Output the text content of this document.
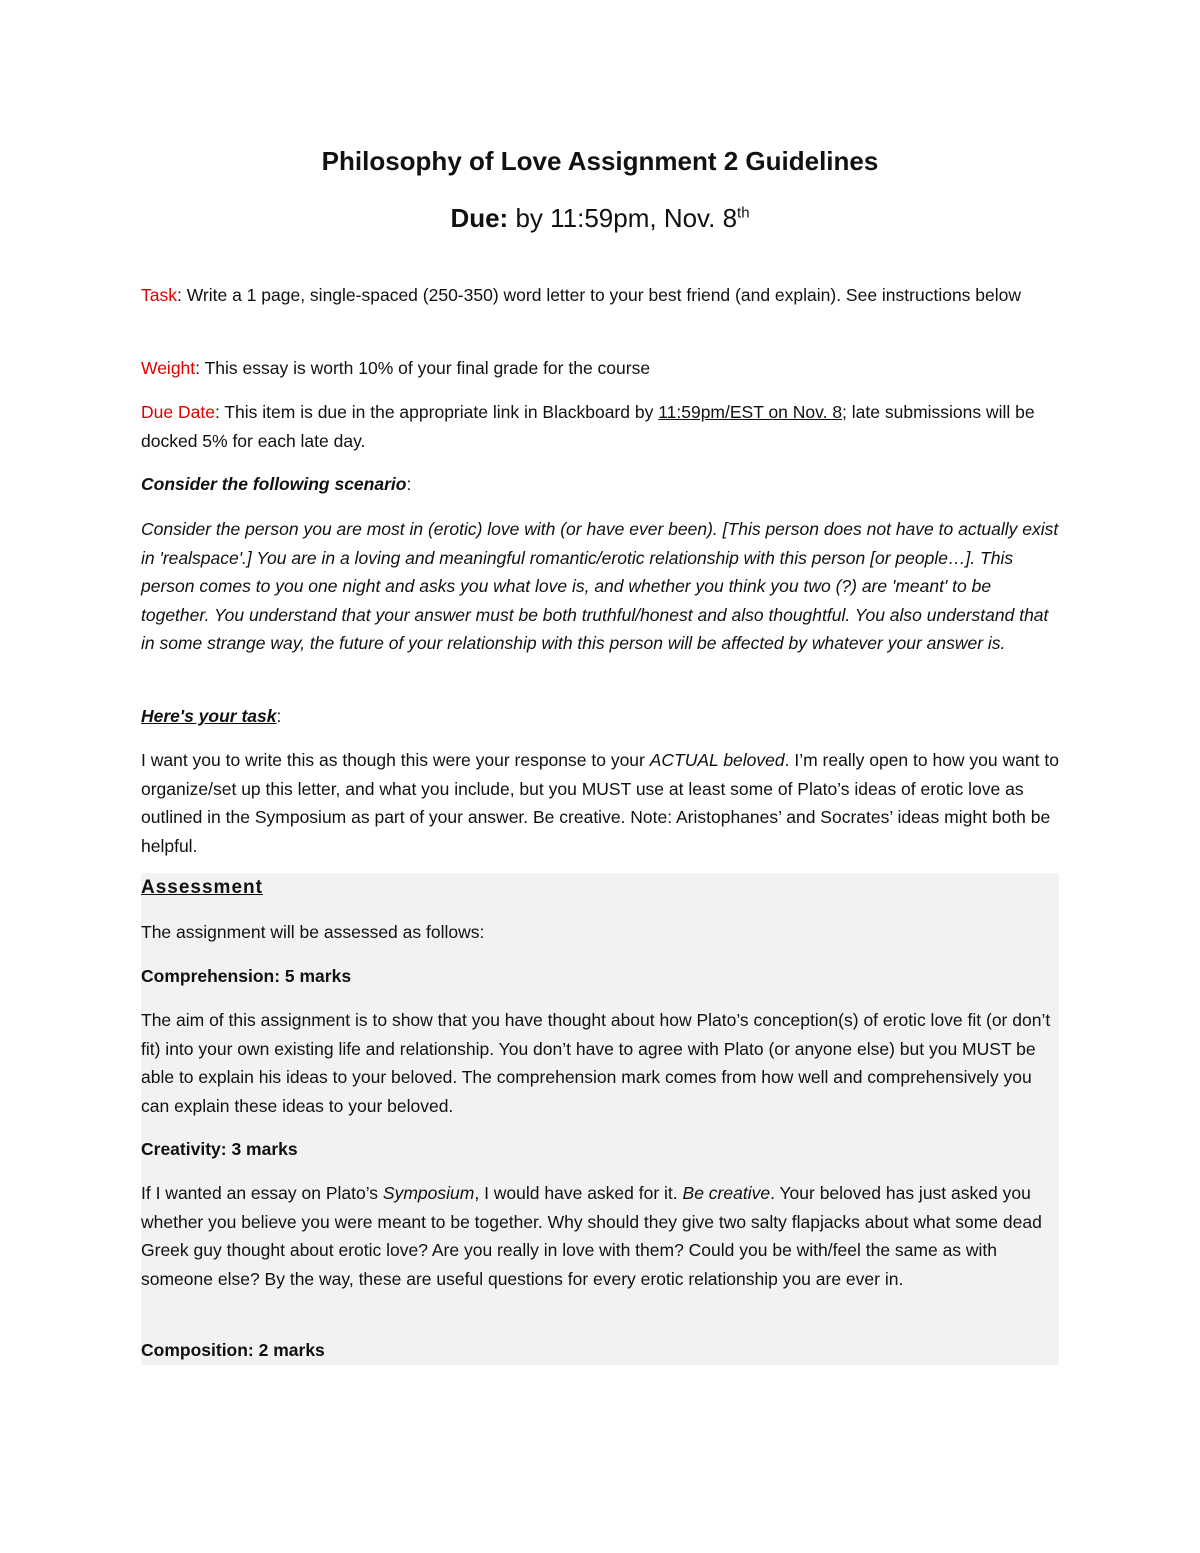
Philosophy of Love Assignment 2 Guidelines

Due: by 11:59pm, Nov. 8th

Task: Write a 1 page, single-spaced (250-350) word letter to your best friend (and explain). See instructions below

Weight: This essay is worth 10% of your final grade for the course

Due Date: This item is due in the appropriate link in Blackboard by 11:59pm/EST on Nov. 8; late submissions will be docked 5% for each late day.

Consider the following scenario:

Consider the person you are most in (erotic) love with (or have ever been). [This person does not have to actually exist in 'realspace'.] You are in a loving and meaningful romantic/erotic relationship with this person [or people…]. This person comes to you one night and asks you what love is, and whether you think you two (?) are 'meant' to be together. You understand that your answer must be both truthful/honest and also thoughtful. You also understand that in some strange way, the future of your relationship with this person will be affected by whatever your answer is.

Here's your task:

I want you to write this as though this were your response to your ACTUAL beloved. I’m really open to how you want to organize/set up this letter, and what you include, but you MUST use at least some of Plato’s ideas of erotic love as outlined in the Symposium as part of your answer. Be creative. Note: Aristophanes’ and Socrates’ ideas might both be helpful.

Assessment

The assignment will be assessed as follows:

Comprehension: 5 marks

The aim of this assignment is to show that you have thought about how Plato’s conception(s) of erotic love fit (or don’t fit) into your own existing life and relationship. You don’t have to agree with Plato (or anyone else) but you MUST be able to explain his ideas to your beloved. The comprehension mark comes from how well and comprehensively you can explain these ideas to your beloved.

Creativity: 3 marks

If I wanted an essay on Plato’s Symposium, I would have asked for it. Be creative. Your beloved has just asked you whether you believe you were meant to be together. Why should they give two salty flapjacks about what some dead Greek guy thought about erotic love? Are you really in love with them? Could you be with/feel the same as with someone else? By the way, these are useful questions for every erotic relationship you are ever in.

Composition: 2 marks
